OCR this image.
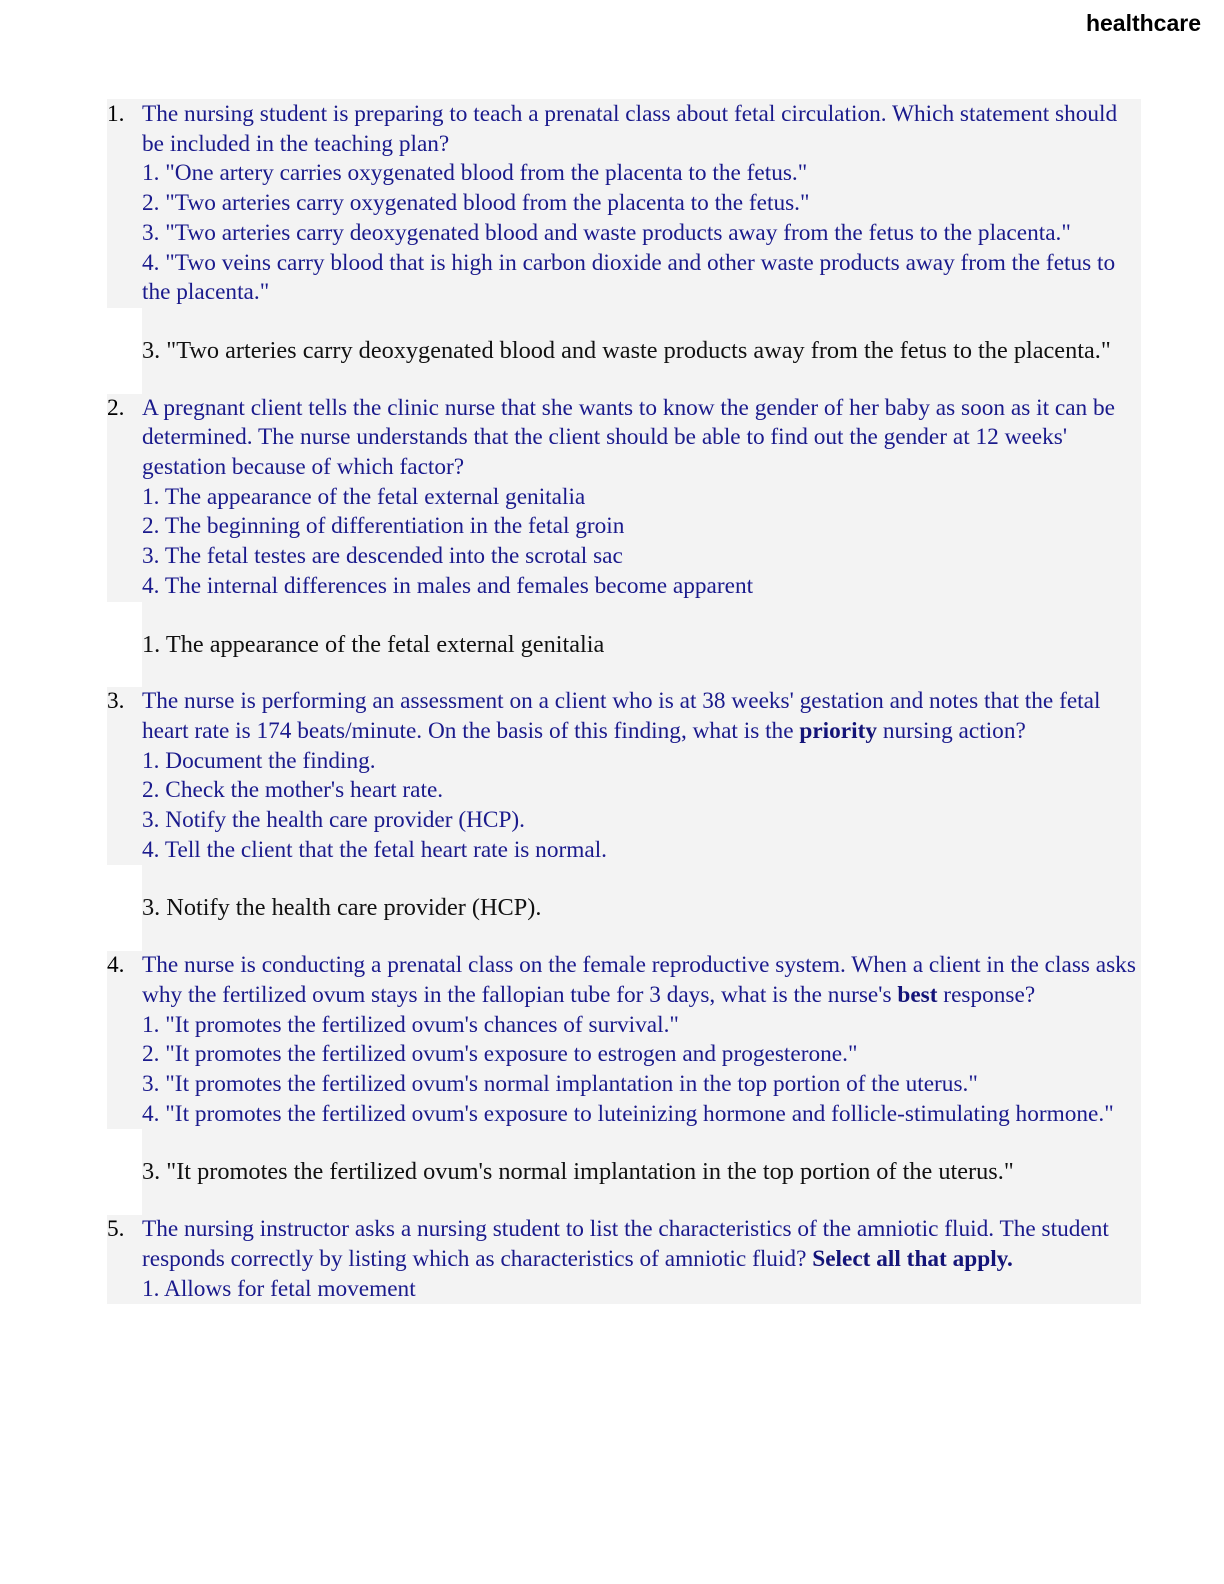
healthcare
1. The nursing student is preparing to teach a prenatal class about fetal circulation. Which statement should be included in the teaching plan?

1. "One artery carries oxygenated blood from the placenta to the fetus."
2. "Two arteries carry oxygenated blood from the placenta to the fetus."
3. "Two arteries carry deoxygenated blood and waste products away from the fetus to the placenta."
4. "Two veins carry blood that is high in carbon dioxide and other waste products away from the fetus to the placenta."
3. "Two arteries carry deoxygenated blood and waste products away from the fetus to the placenta."
2. A pregnant client tells the clinic nurse that she wants to know the gender of her baby as soon as it can be determined. The nurse understands that the client should be able to find out the gender at 12 weeks' gestation because of which factor?

1. The appearance of the fetal external genitalia
2. The beginning of differentiation in the fetal groin
3. The fetal testes are descended into the scrotal sac
4. The internal differences in males and females become apparent
1. The appearance of the fetal external genitalia
3. The nurse is performing an assessment on a client who is at 38 weeks' gestation and notes that the fetal heart rate is 174 beats/minute. On the basis of this finding, what is the priority nursing action?

1. Document the finding.
2. Check the mother's heart rate.
3. Notify the health care provider (HCP).
4. Tell the client that the fetal heart rate is normal.
3. Notify the health care provider (HCP).
4. The nurse is conducting a prenatal class on the female reproductive system. When a client in the class asks why the fertilized ovum stays in the fallopian tube for 3 days, what is the nurse's best response?

1. "It promotes the fertilized ovum's chances of survival."
2. "It promotes the fertilized ovum's exposure to estrogen and progesterone."
3. "It promotes the fertilized ovum's normal implantation in the top portion of the uterus."
4. "It promotes the fertilized ovum's exposure to luteinizing hormone and follicle-stimulating hormone."
3. "It promotes the fertilized ovum's normal implantation in the top portion of the uterus."
5. The nursing instructor asks a nursing student to list the characteristics of the amniotic fluid. The student responds correctly by listing which as characteristics of amniotic fluid? Select all that apply.

1. Allows for fetal movement
